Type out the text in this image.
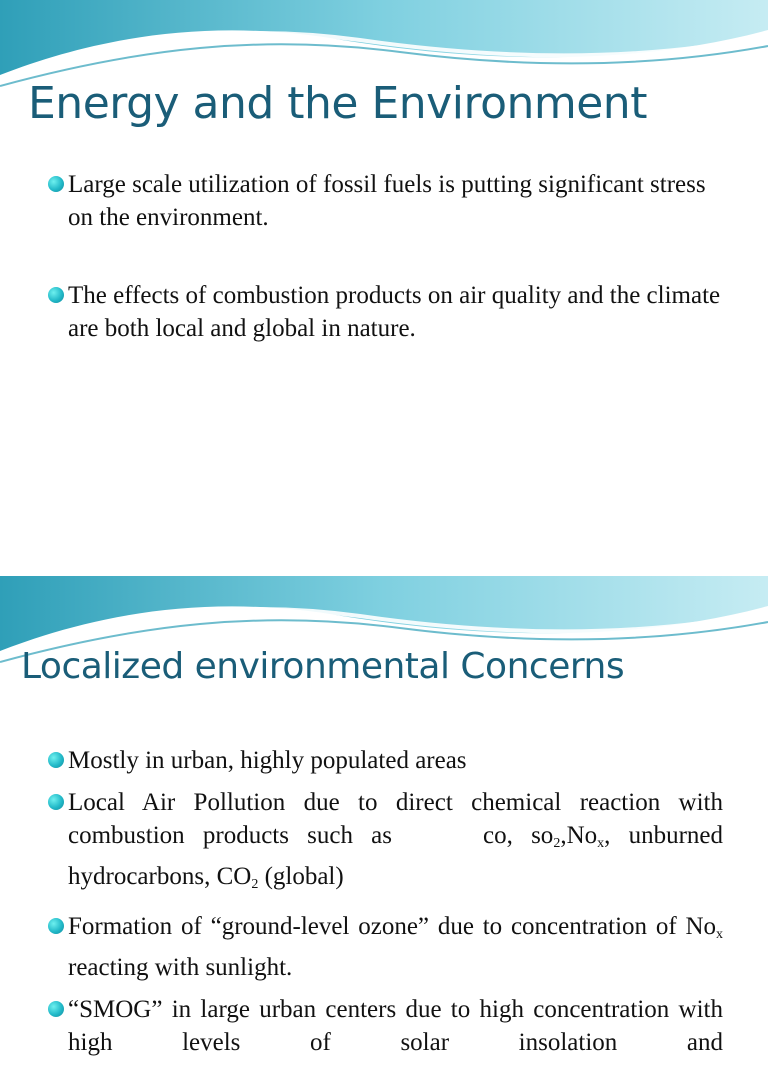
Energy and the Environment
Large scale utilization of fossil fuels is putting significant stress on the environment.
The effects of combustion products on air quality and the climate are both local and global in nature.
Localized environmental Concerns
Mostly in urban, highly populated areas
Local Air Pollution due to direct chemical reaction with combustion products such as	co, $so_2,No_x$, unburned hydrocarbons, $CO_2$ (global)
Formation of “ground-level ozone” due to concentration of $No_x$ reacting with sunlight.
“SMOG” in large urban centers due to high concentration with high levels of solar insolation and
